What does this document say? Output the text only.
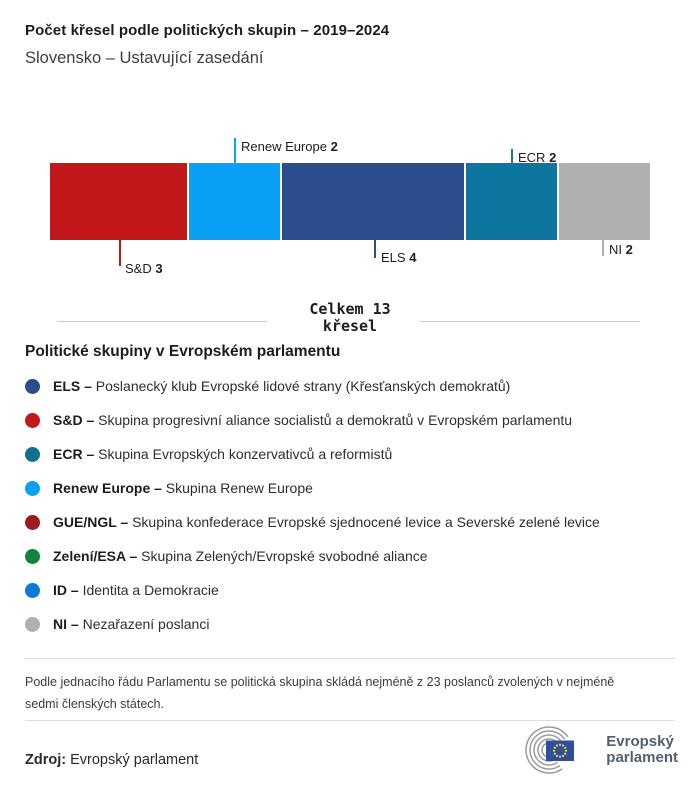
Počet křesel podle politických skupin – 2019–2024
Slovensko – Ustavující zasedání
Renew Europe 2
ECR 2
S&D 3
ELS 4
NI 2
Celkem 13
křesel
Politické skupiny v Evropském parlamentu
ELS – Poslanecký klub Evropské lidové strany (Křesťanských demokratů)
S&D – Skupina progresivní aliance socialistů a demokratů v Evropském parlamentu
ECR – Skupina Evropských konzervativců a reformistů
Renew Europe – Skupina Renew Europe
GUE/NGL – Skupina konfederace Evropské sjednocené levice a Severské zelené levice
Zelení/ESA – Skupina Zelených/Evropské svobodné aliance
ID – Identita a Demokracie
NI – Nezařazení poslanci

Podle jednacího řádu Parlamentu se politická skupina skládá nejméně z 23 poslanců zvolených v nejméně sedmi členských státech.

Zdroj: Evropský parlament

Evropský
parlament
